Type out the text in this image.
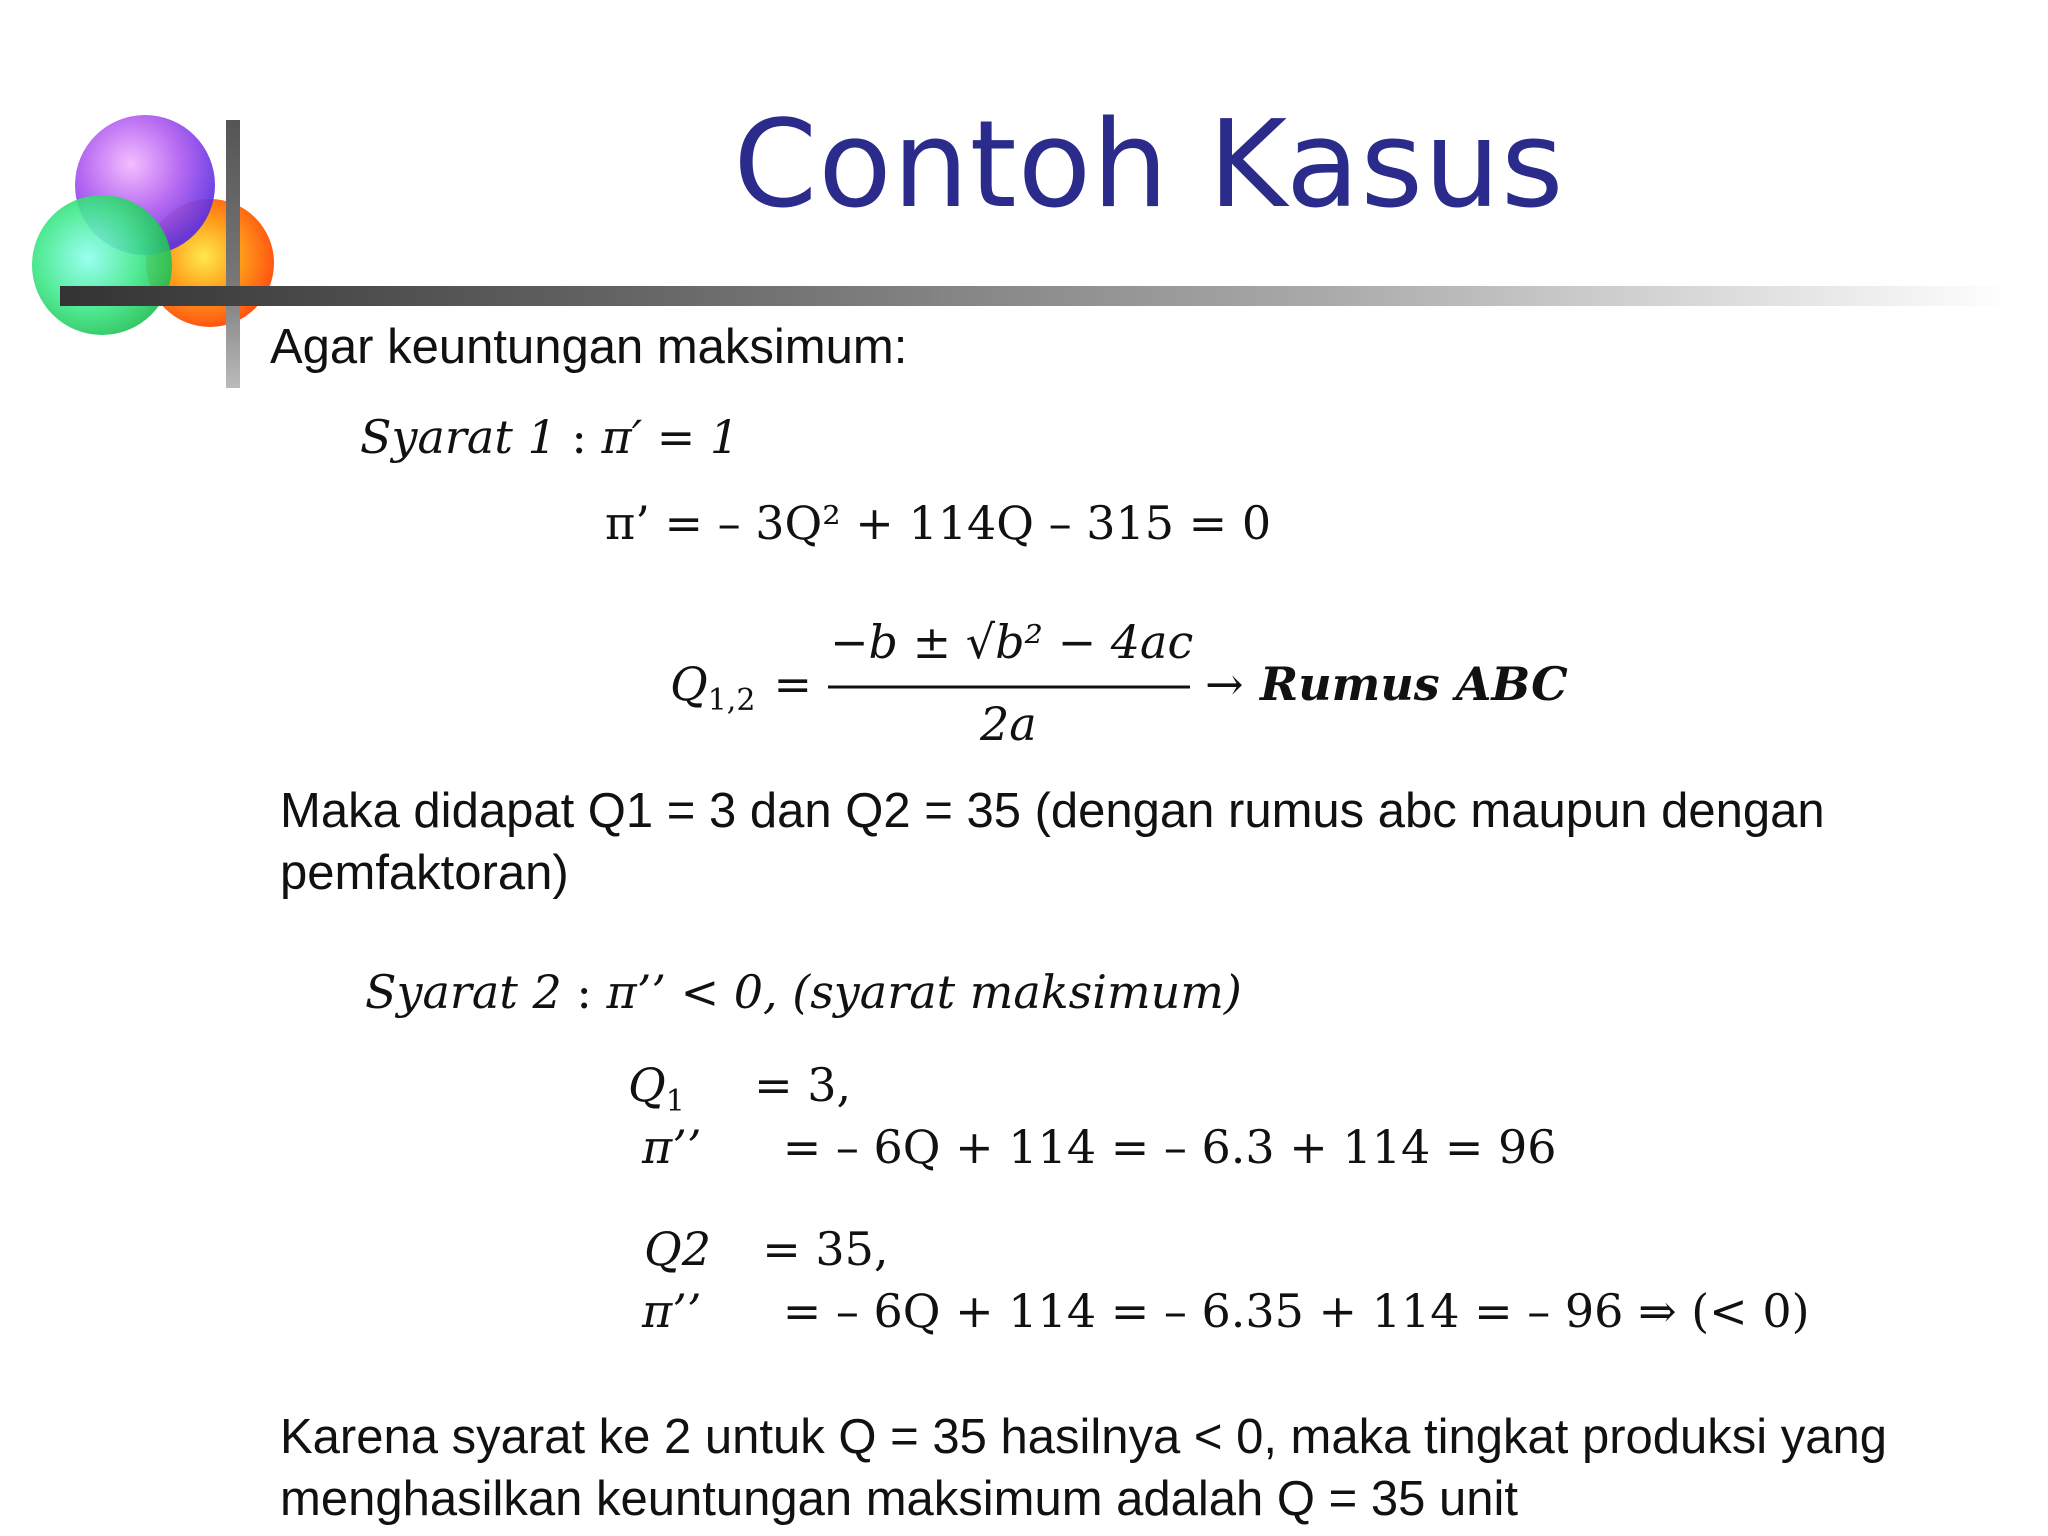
Contoh Kasus
Agar keuntungan maksimum:
Syarat 1 : π′ = 1
π’ = – 3Q² + 114Q – 315 = 0
$Q_{1,2}$ =
−b ± √b² − 4ac
2a
→ Rumus ABC
Maka didapat Q1 = 3 dan Q2 = 35 (dengan rumus abc maupun dengan pemfaktoran)
Syarat 2 : π’’ < 0, (syarat maksimum)
$Q_1 = 3$,
π’’ = – 6Q + 114 = – 6.3 + 114 = 96
Q2 = 35,
π’’ = – 6Q + 114 = – 6.35 + 114 = – 96 ⇒ (< 0)
Karena syarat ke 2 untuk Q = 35 hasilnya < 0, maka tingkat produksi yang menghasilkan keuntungan maksimum adalah Q = 35 unit
